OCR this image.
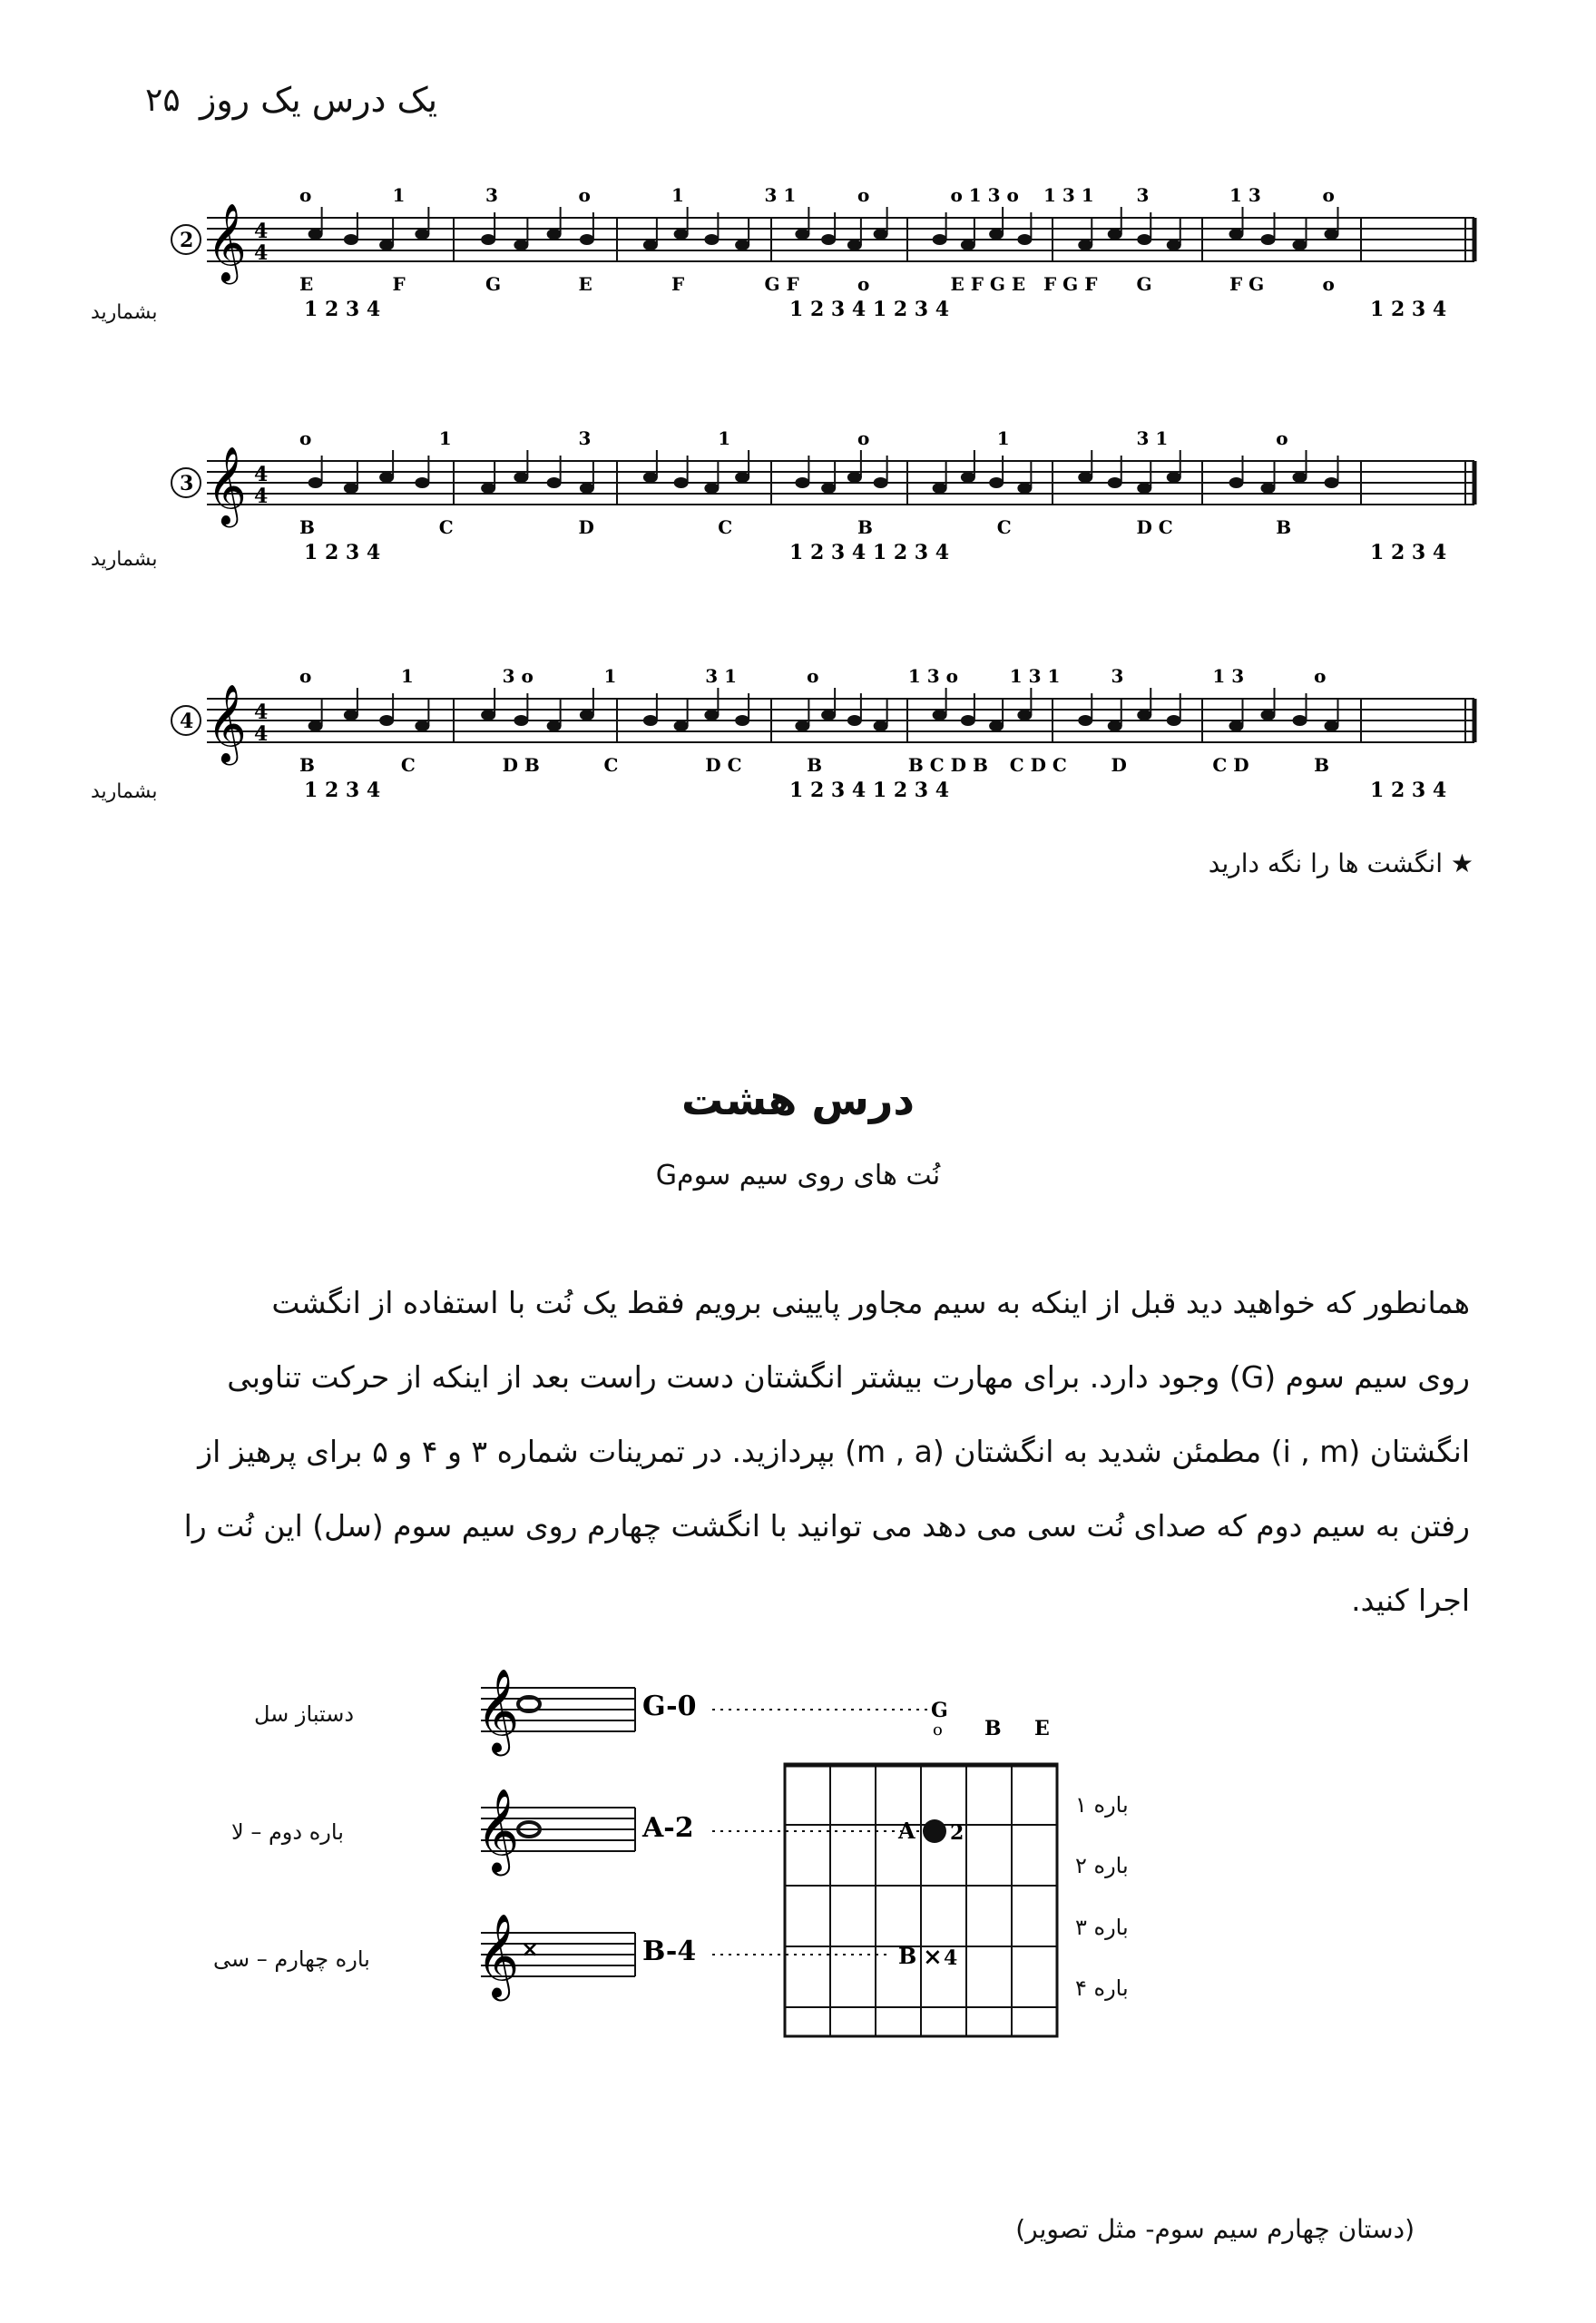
۲۵ یک درس یک روز
بشمارید
بشمارید
بشمارید
𝄞 4
4
2
o	1	3	o	1	3 1	o	o 1 3 o 1 3 1 3	1 3	o
E	F	G	E	F	G F	o	E F G E F G F G	F G	o
1 2 3 4	1 2 3 4 1 2 3 4	1 2 3 4
𝄞 4
4
3
o	1	3	1	o	1	3 1	o
B	C	D	C	B	C	D C	B
1 2 3 4	1 2 3 4 1 2 3 4	1 2 3 4
𝄞 4
4
4
o	1	3 o	1	3 1	o	1 3 o	1 3 1	3	1 3	o
B	C	D B	C	D C	B	B C D B C D C D	C D	B
1 2 3 4	1 2 3 4 1 2 3 4	1 2 3 4
★ انگشت ها را نگه دارید
درس هشت
نُت های روی سیم سومG
همانطور که خواهید دید قبل از اینکه به سیم مجاور پایینی برویم فقط یک نُت با استفاده از انگشت
روی سیم سوم (G) وجود دارد. برای مهارت بیشتر انگشتان دست راست بعد از اینکه از حرکت تناوبی
انگشتان (i , m) مطمئن شدید به انگشتان (m , a) بپردازید. در تمرینات شماره ۳ و ۴ و ۵ برای پرهیز از
رفتن به سیم دوم که صدای نُت سی می دهد می توانید با انگشت چهارم روی سیم سوم (سل) این نُت را
اجرا کنید.
دستباز سل
باره دوم – لا
باره چهارم – سی
باره ۱
باره ۲
باره ۳
باره ۴
𝄞	G-0
𝄞	A-2
𝄞 ×	B-4
G
o B E
A 2
B × 4
(دستان چهارم سیم سوم- مثل تصویر)
